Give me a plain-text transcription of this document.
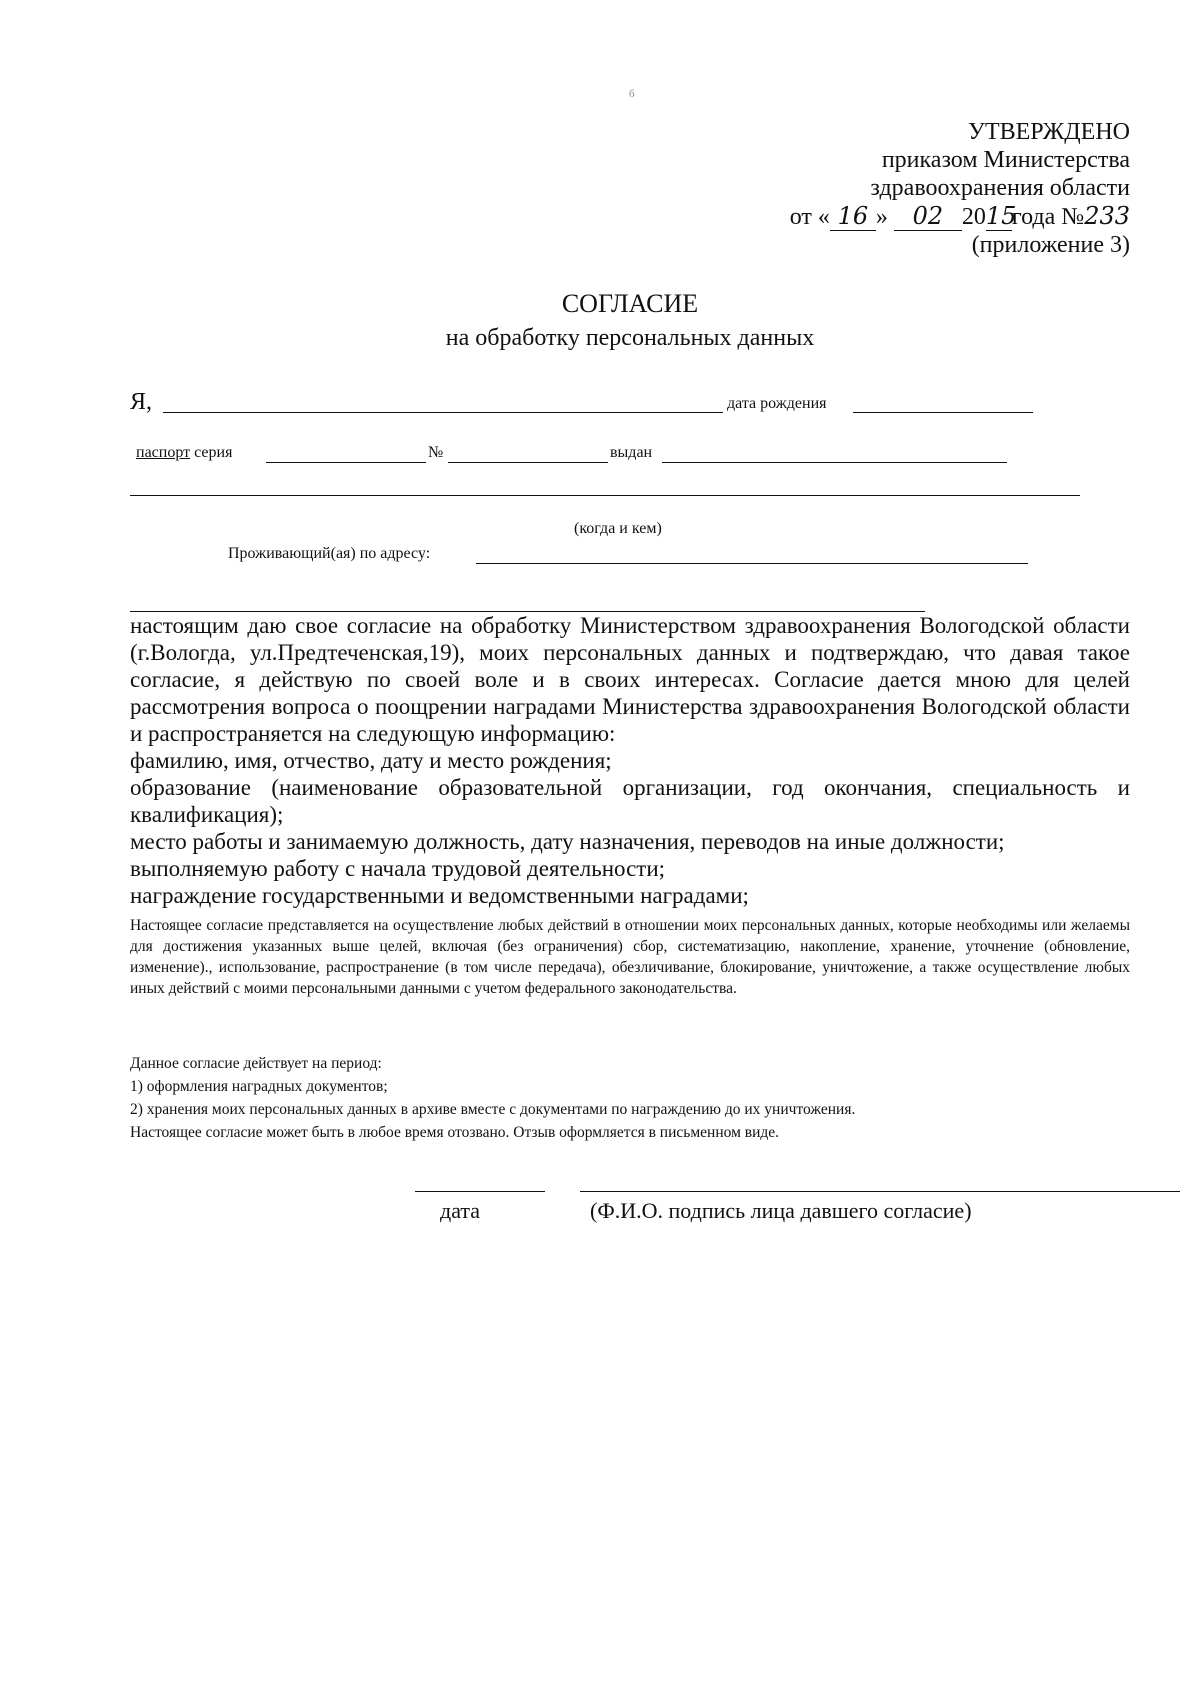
б
УТВЕРЖДЕНО
приказом Министерства
здравоохранения области
от « 16 » 02 2015года №233
(приложение 3)
СОГЛАСИЕ
на обработку персональных данных
Я,	дата рождения
паспорт серия	№	выдан
(когда и кем)
Проживающий(ая) по адресу:

настоящим даю свое согласие на обработку Министерством здравоохранения Вологодской области (г.Вологда, ул.Предтеченская,19), моих персональных данных и подтверждаю, что давая такое согласие, я действую по своей воле и в своих интересах. Согласие дается мною для целей рассмотрения вопроса о поощрении наградами Министерства здравоохранения Вологодской области и распространяется на следующую информацию:

фамилию, имя, отчество, дату и место рождения;

образование (наименование образовательной организации, год окончания, специальность и квалификация);

место работы и занимаемую должность, дату назначения, переводов на иные должности;

выполняемую работу с начала трудовой деятельности;

награждение государственными и ведомственными наградами;

Настоящее согласие представляется на осуществление любых действий в отношении моих персональных данных, которые необходимы или желаемы для достижения указанных выше целей, включая (без ограничения) сбор, систематизацию, накопление, хранение, уточнение (обновление, изменение)., использование, распространение (в том числе передача), обезличивание, блокирование, уничтожение, а также осуществление любых иных действий с моими персональными данными с учетом федерального законодательства.

Данное согласие действует на период:

1) оформления наградных документов;

2) хранения моих персональных данных в архиве вместе с документами по награждению до их уничтожения.

Настоящее согласие может быть в любое время отозвано. Отзыв оформляется в письменном виде.

дата	(Ф.И.О. подпись лица давшего согласие)
